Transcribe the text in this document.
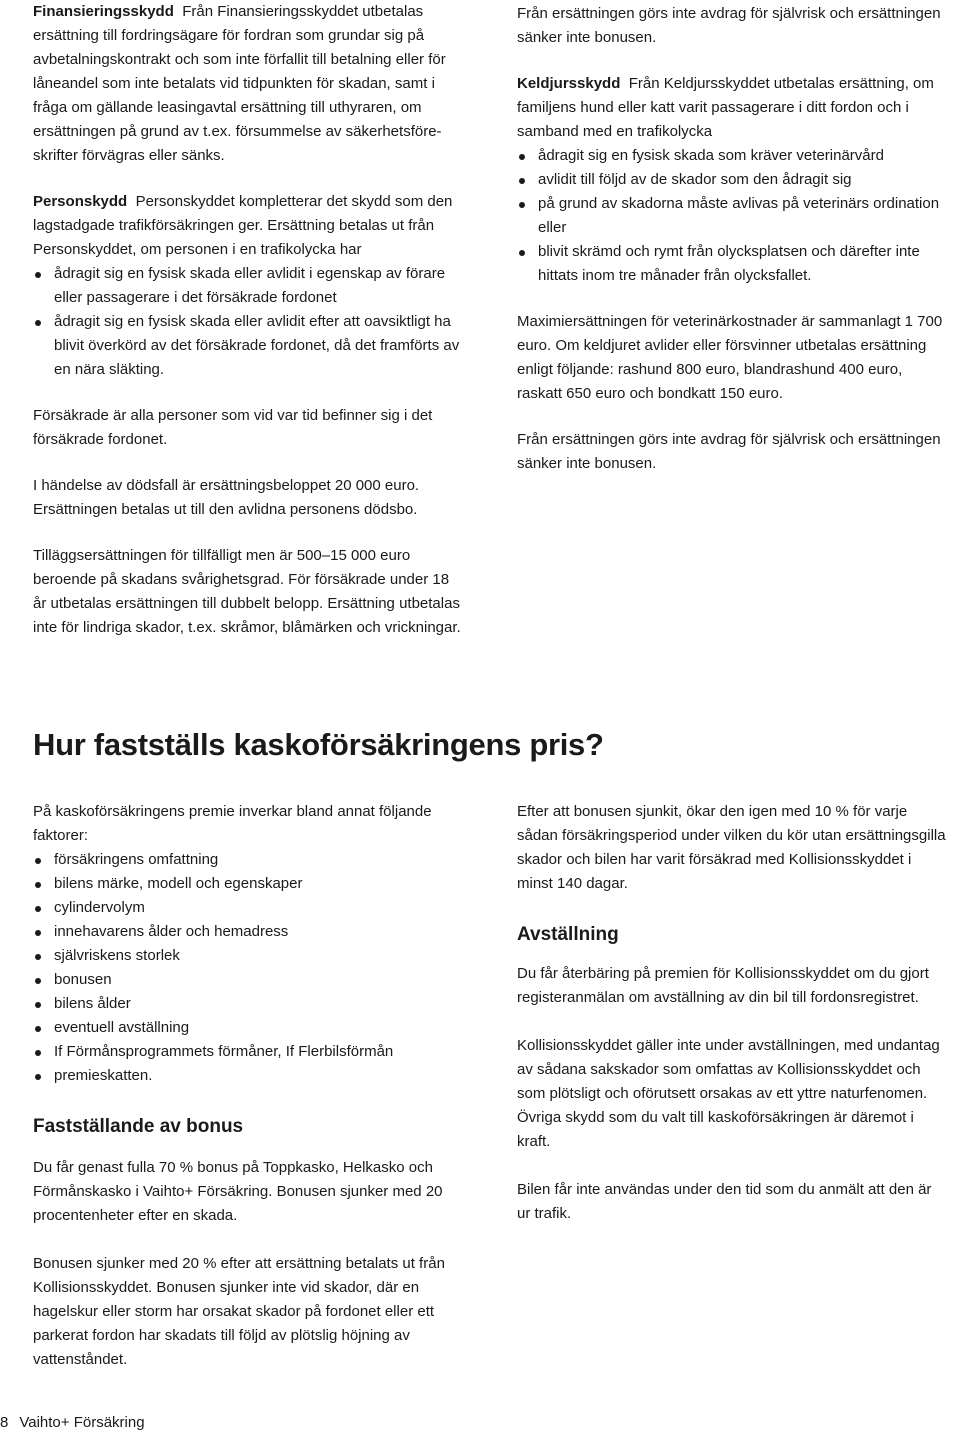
Finansieringsskydd Från Finansieringsskyddet utbetalas ersättning till fordringsägare för fordran som grundar sig på avbetalningskontrakt och som inte förfallit till betalning eller för låneandel som inte betalats vid tidpunkten för skadan, samt i fråga om gällande leasingavtal ersättning till uthyraren, om ersättningen på grund av t.ex. försummelse av säkerhetsföre-skrifter förvägras eller sänks.

Personskydd Personskyddet kompletterar det skydd som den lagstadgade trafikförsäkringen ger. Ersättning betalas ut från Personskyddet, om personen i en trafikolycka har

ådragit sig en fysisk skada eller avlidit i egenskap av förare eller passagerare i det försäkrade fordonet
ådragit sig en fysisk skada eller avlidit efter att oavsiktligt ha blivit överkörd av det försäkrade fordonet, då det framförts av en nära släkting.

Försäkrade är alla personer som vid var tid befinner sig i det försäkrade fordonet.

I händelse av dödsfall är ersättningsbeloppet 20 000 euro. Ersättningen betalas ut till den avlidna personens dödsbo.

Tilläggsersättningen för tillfälligt men är 500–15 000 euro beroende på skadans svårighetsgrad. För försäkrade under 18 år utbetalas ersättningen till dubbelt belopp. Ersättning utbetalas inte för lindriga skador, t.ex. skråmor, blåmärken och vrickningar.

Från ersättningen görs inte avdrag för självrisk och ersättningen sänker inte bonusen.

Keldjursskydd Från Keldjursskyddet utbetalas ersättning, om familjens hund eller katt varit passagerare i ditt fordon och i samband med en trafikolycka

ådragit sig en fysisk skada som kräver veterinärvård
avlidit till följd av de skador som den ådragit sig
på grund av skadorna måste avlivas på veterinärs ordination eller
blivit skrämd och rymt från olycksplatsen och därefter inte hittats inom tre månader från olycksfallet.

Maximiersättningen för veterinärkostnader är sammanlagt 1 700 euro. Om keldjuret avlider eller försvinner utbetalas ersättning enligt följande: rashund 800 euro, blandrashund 400 euro, raskatt 650 euro och bondkatt 150 euro.

Från ersättningen görs inte avdrag för självrisk och ersättningen sänker inte bonusen.

Hur fastställs kaskoförsäkringens pris?

På kaskoförsäkringens premie inverkar bland annat följande faktorer:

försäkringens omfattning
bilens märke, modell och egenskaper
cylindervolym
innehavarens ålder och hemadress
självriskens storlek
bonusen
bilens ålder
eventuell avställning
If Förmånsprogrammets förmåner, If Flerbilsförmån
premieskatten.
Fastställande av bonus

Du får genast fulla 70 % bonus på Toppkasko, Helkasko och Förmånskasko i Vaihto+ Försäkring. Bonusen sjunker med 20 procentenheter efter en skada.

Bonusen sjunker med 20 % efter att ersättning betalats ut från Kollisionsskyddet. Bonusen sjunker inte vid skador, där en hagelskur eller storm har orsakat skador på fordonet eller ett parkerat fordon har skadats till följd av plötslig höjning av vattenståndet.

Efter att bonusen sjunkit, ökar den igen med 10 % för varje sådan försäkringsperiod under vilken du kör utan ersättningsgilla skador och bilen har varit försäkrad med Kollisionsskyddet i minst 140 dagar.

Avställning

Du får återbäring på premien för Kollisionsskyddet om du gjort registeranmälan om avställning av din bil till fordonsregistret.

Kollisionsskyddet gäller inte under avställningen, med undantag av sådana sakskador som omfattas av Kollisionsskyddet och som plötsligt och oförutsett orsakas av ett yttre naturfenomen. Övriga skydd som du valt till kaskoförsäkringen är däremot i kraft.

Bilen får inte användas under den tid som du anmält att den är ur trafik.

8 Vaihto+ Försäkring
